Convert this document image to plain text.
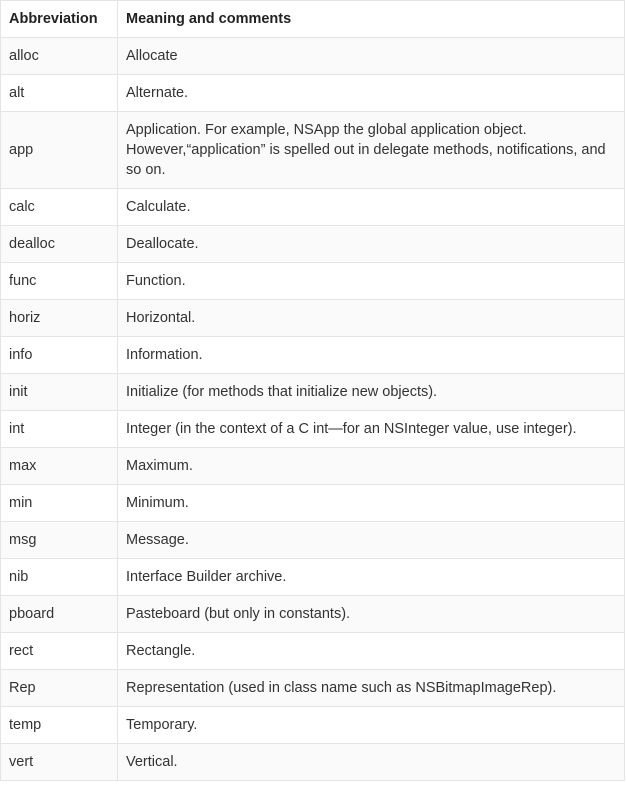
Abbreviation	Meaning and comments
alloc	Allocate
alt	Alternate.
app	Application. For example, NSApp the global application object. However,“application” is spelled out in delegate methods, notifications, and so on.
calc	Calculate.
dealloc	Deallocate.
func	Function.
horiz	Horizontal.
info	Information.
init	Initialize (for methods that initialize new objects).
int	Integer (in the context of a C int—for an NSInteger value, use integer).
max	Maximum.
min	Minimum.
msg	Message.
nib	Interface Builder archive.
pboard	Pasteboard (but only in constants).
rect	Rectangle.
Rep	Representation (used in class name such as NSBitmapImageRep).
temp	Temporary.
vert	Vertical.
